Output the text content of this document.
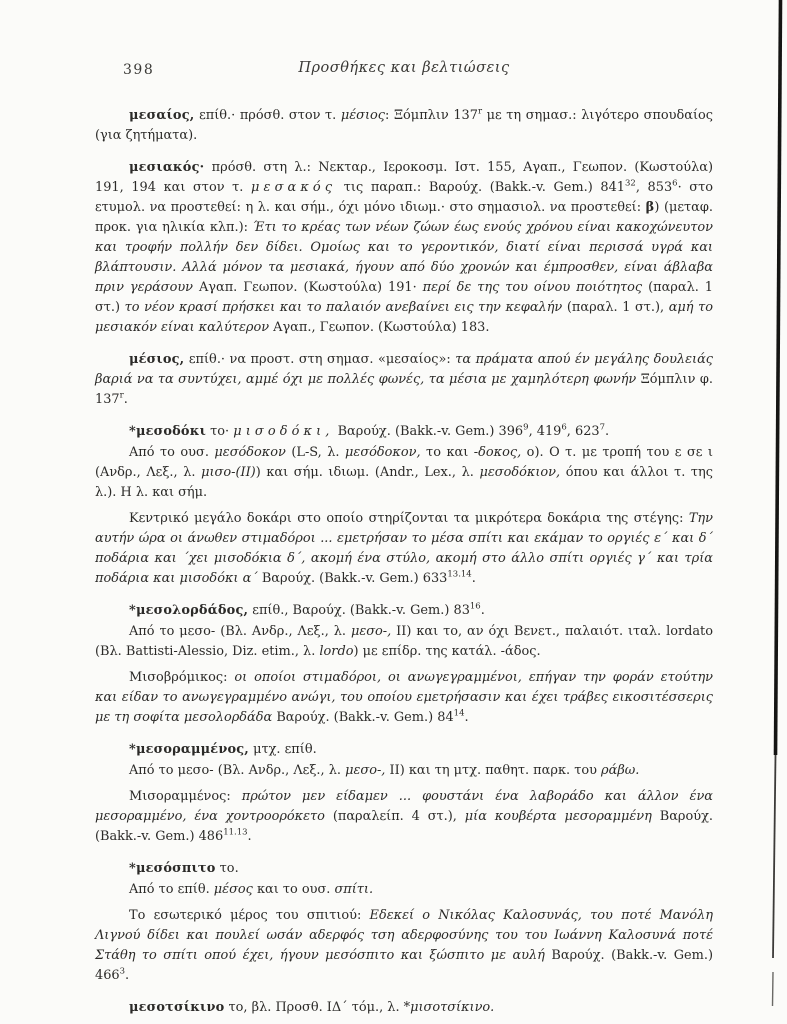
398	Προσθήκες και βελτιώσεις

μεσαίος, επίθ.· πρόσθ. στον τ. μέσιος: Ξόμπλιν 137$^r$ με τη σημασ.: λιγότερο σπουδαίος (για ζητήματα).

μεσιακός· πρόσθ. στη λ.: Νεκταρ., Ιεροκοσμ. Ιστ. 155, Αγαπ., Γεωπον. (Κωστούλα) 191, 194 και στον τ. μεσακός τις παραπ.: Βαρούχ. (Bakk.-v. Gem.) $841^{32}$, $853^6\cdot \sigma\tau o$ ετυμολ. να προστεθεί: η λ. και σήμ., όχι μόνο ιδιωμ.· στο σημασιολ. να προστεθεί: β) (μεταφ. προκ. για ηλικία κλπ.): Έτι το κρέας των νέων ζώων έως ενούς χρόνου είναι κακοχώνευτον και τροφήν πολλήν δεν δίδει. Ομοίως και το γεροντικόν, διατί είναι περισσά υγρά και βλάπτουσιν. Αλλά μόνον τα μεσιακά, ήγουν από δύο χρονών και έμπροσθεν, είναι άβλαβα πριν γεράσουν Αγαπ. Γεωπον. (Κωστούλα) 191· περί δε της του οίνου ποιότητος (παραλ. 1 στ.) το νέον κρασί πρήσκει και το παλαιόν ανεβαίνει εις την κεφαλήν (παραλ. 1 στ.), αμή το μεσιακόν είναι καλύτερον Αγαπ., Γεωπον. (Κωστούλα) 183.

μέσιος, επίθ.· να προστ. στη σημασ. «μεσαίος»: τα πράματα απού έν μεγάλης δουλειάς βαριά να τα συντύχει, αμμέ όχι με πολλές φωνές, τα μέσια με χαμηλότερη φωνήν Ξόμπλιν φ. 137$^r$.

*μεσοδόκι το· μισοδόκι, Βαρούχ. (Bakk.-v. Gem.) $396^9$, $419^6$, $623^7$.

Από το ουσ. μεσόδοκον (L-S, λ. μεσόδοκον, το και -δοκος, ο). Ο τ. με τροπή του ε σε ι (Ανδρ., Λεξ., λ. μισο-(ΙΙ)) και σήμ. ιδιωμ. (Andr., Lex., λ. μεσοδόκιον, όπου και άλλοι τ. της λ.). Η λ. και σήμ.

Κεντρικό μεγάλο δοκάρι στο οποίο στηρίζονται τα μικρότερα δοκάρια της στέγης: Την αυτήν ώρα οι άνωθεν στιμαδόροι ... εμετρήσαν το μέσα σπίτι και εκάμαν το οργιές ε΄ και δ΄ ποδάρια και ΄χει μισοδόκια δ΄, ακομή ένα στύλο, ακομή στο άλλο σπίτι οργιές γ΄ και τρία ποδάρια και μισοδόκι α΄ Βαρούχ. (Bakk.-v. Gem.) $633^{13.14}$.

*μεσολορδάδος, επίθ., Βαρούχ. (Bakk.-v. Gem.) $83^{16}$.

Από το μεσο- (Βλ. Ανδρ., Λεξ., λ. μεσο-, ΙΙ) και το, αν όχι Βενετ., παλαιότ. ιταλ. lordato (Βλ. Battisti-Alessio, Diz. etim., λ. lordo) με επίδρ. της κατάλ. -άδος.

Μισοβρόμικος: οι οποίοι στιμαδόροι, οι ανωγεγραμμένοι, επήγαν την φοράν ετούτην και είδαν το ανωγεγραμμένο ανώγι, του οποίου εμετρήσασιν και έχει τράβες εικοσιτέσσερις με τη σοφίτα μεσολορδάδα Βαρούχ. (Bakk.-v. Gem.) $84^{14}$.

*μεσοραμμένος, μτχ. επίθ.

Από το μεσο- (Βλ. Ανδρ., Λεξ., λ. μεσο-, ΙΙ) και τη μτχ. παθητ. παρκ. του ράβω.

Μισοραμμένος: πρώτον μεν είδαμεν ... φουστάνι ένα λαβοράδο και άλλον ένα μεσοραμμένο, ένα χοντροορόκετο (παραλείπ. 4 στ.), μία κουβέρτα μεσοραμμένη Βαρούχ. (Bakk.-v. Gem.) $486^{11.13}$.

*μεσόσπιτο το.

Από το επίθ. μέσος και το ουσ. σπίτι.

Το εσωτερικό μέρος του σπιτιού: Εδεκεί ο Νικόλας Καλοσυνάς, του ποτέ Μανόλη Λιγνού δίδει και πουλεί ωσάν αδερφός τση αδερφοσύνης του του Ιωάννη Καλοσυνά ποτέ Στάθη το σπίτι οπού έχει, ήγουν μεσόσπιτο και ξώσπιτο με αυλή Βαρούχ. (Bakk.-v. Gem.) $466^3$.

μεσοτσίκινο το, βλ. Προσθ. ΙΔ΄ τόμ., λ. *μισοτσίκινο.
